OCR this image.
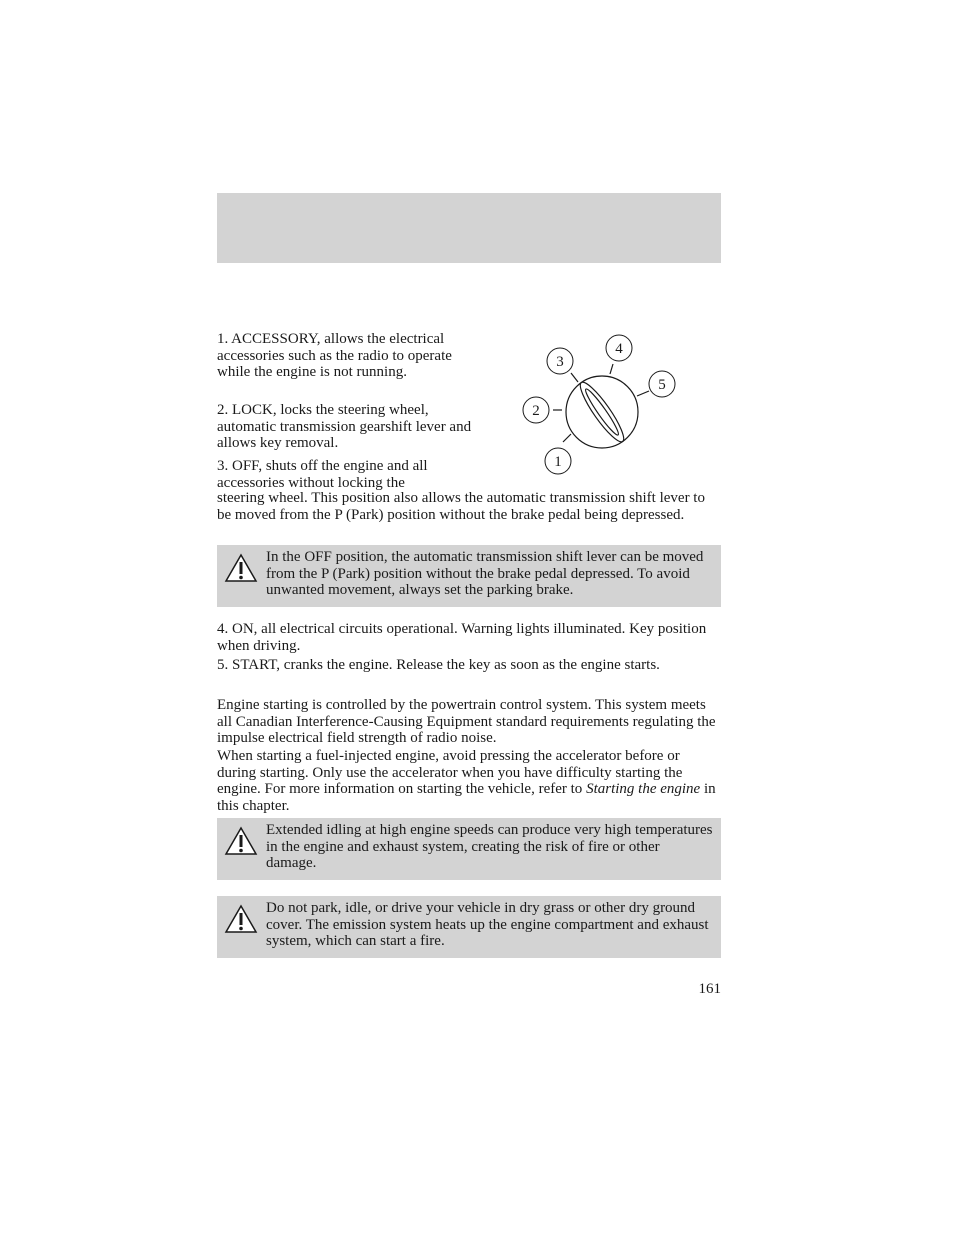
1. ACCESSORY, allows the electrical accessories such as the radio to operate while the engine is not running.

2. LOCK, locks the steering wheel, automatic transmission gearshift lever and allows key removal.

3. OFF, shuts off the engine and all accessories without locking the

steering wheel. This position also allows the automatic transmission shift lever to be moved from the P (Park) position without the brake pedal being depressed.

1
2
3
4
5
In the OFF position, the automatic transmission shift lever can be moved from the P (Park) position without the brake pedal depressed. To avoid unwanted movement, always set the parking brake.

4. ON, all electrical circuits operational. Warning lights illuminated. Key position when driving.

5. START, cranks the engine. Release the key as soon as the engine starts.

Engine starting is controlled by the powertrain control system. This system meets all Canadian Interference-Causing Equipment standard requirements regulating the impulse electrical field strength of radio noise.

When starting a fuel-injected engine, avoid pressing the accelerator before or during starting. Only use the accelerator when you have difficulty starting the engine. For more information on starting the vehicle, refer to Starting the engine in this chapter.

Extended idling at high engine speeds can produce very high temperatures in the engine and exhaust system, creating the risk of fire or other damage.
Do not park, idle, or drive your vehicle in dry grass or other dry ground cover. The emission system heats up the engine compartment and exhaust system, which can start a fire.
161
